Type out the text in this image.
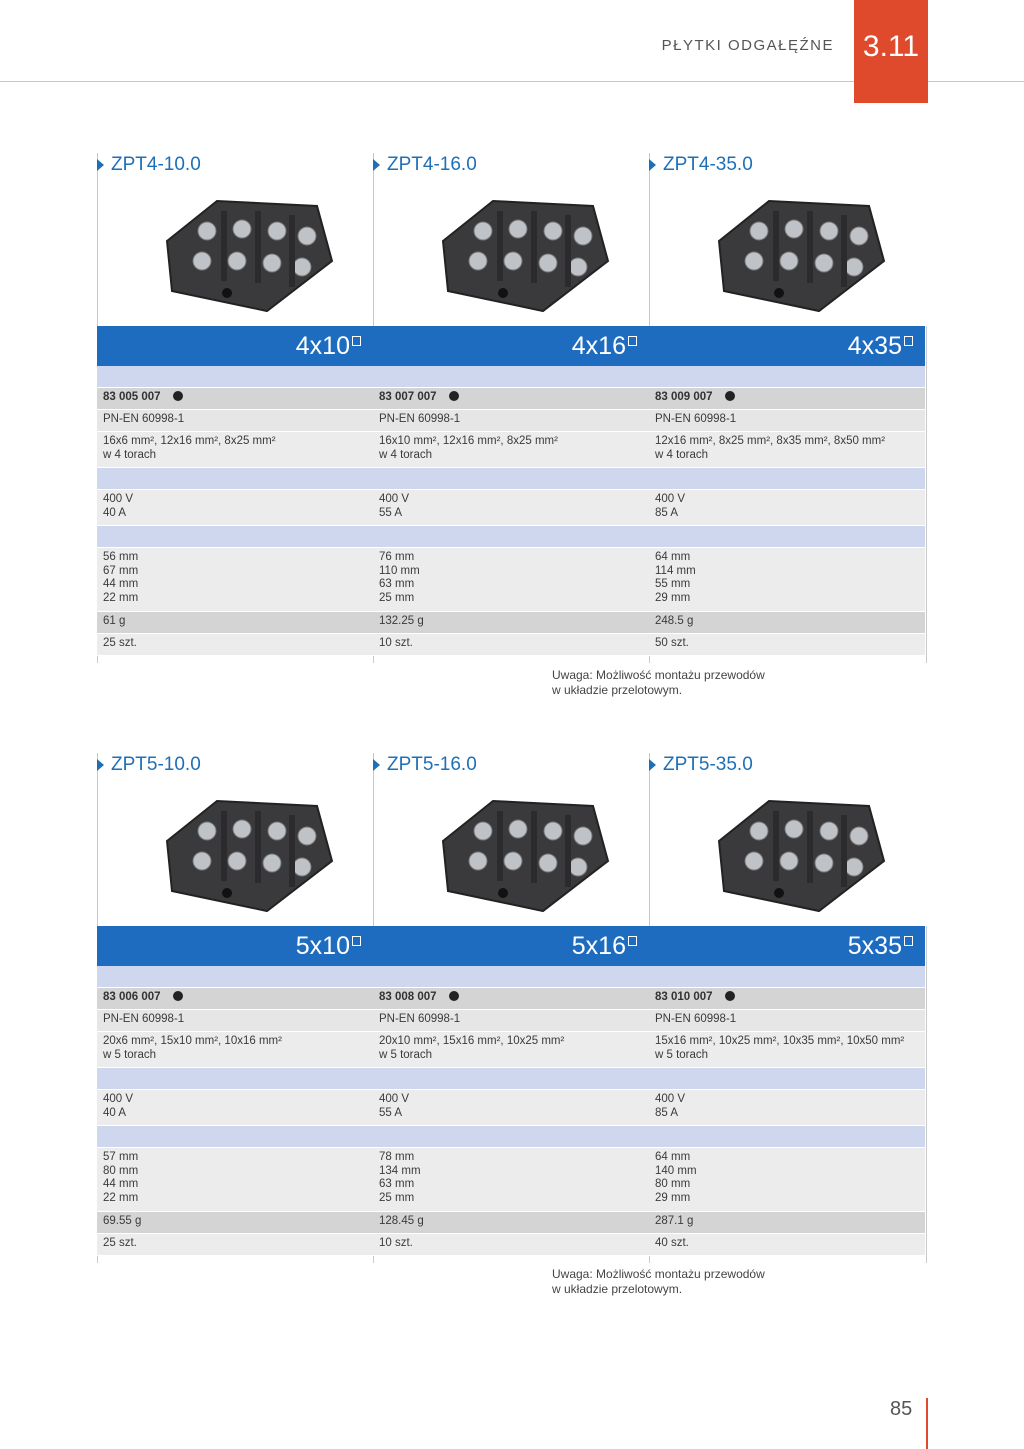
PŁYTKI ODGAŁĘŹNE 3.11
ZPT4-10.0
4x10
83 005 007
PN-EN 60998-1
16x6 mm², 12x16 mm², 8x25 mm²
w 4 torach
400 V
40 A
56 mm
67 mm
44 mm
22 mm
61 g
25 szt.
ZPT4-16.0
4x16
83 007 007
PN-EN 60998-1
16x10 mm², 12x16 mm², 8x25 mm²
w 4 torach
400 V
55 A
76 mm
110 mm
63 mm
25 mm
132.25 g
10 szt.
ZPT4-35.0
4x35
83 009 007
PN-EN 60998-1
12x16 mm², 8x25 mm², 8x35 mm², 8x50 mm²
w 4 torach
400 V
85 A
64 mm
114 mm
55 mm
29 mm
248.5 g
50 szt.
ZPT5-10.0
5x10
83 006 007
PN-EN 60998-1
20x6 mm², 15x10 mm², 10x16 mm²
w 5 torach
400 V
40 A
57 mm
80 mm
44 mm
22 mm
69.55 g
25 szt.
ZPT5-16.0
5x16
83 008 007
PN-EN 60998-1
20x10 mm², 15x16 mm², 10x25 mm²
w 5 torach
400 V
55 A
78 mm
134 mm
63 mm
25 mm
128.45 g
10 szt.
ZPT5-35.0
5x35
83 010 007
PN-EN 60998-1
15x16 mm², 10x25 mm², 10x35 mm², 10x50 mm²
w 5 torach
400 V
85 A
64 mm
140 mm
80 mm
29 mm
287.1 g
40 szt.
Uwaga: Możliwość montażu przewodów
w układzie przelotowym.
Uwaga: Możliwość montażu przewodów
w układzie przelotowym.
85
